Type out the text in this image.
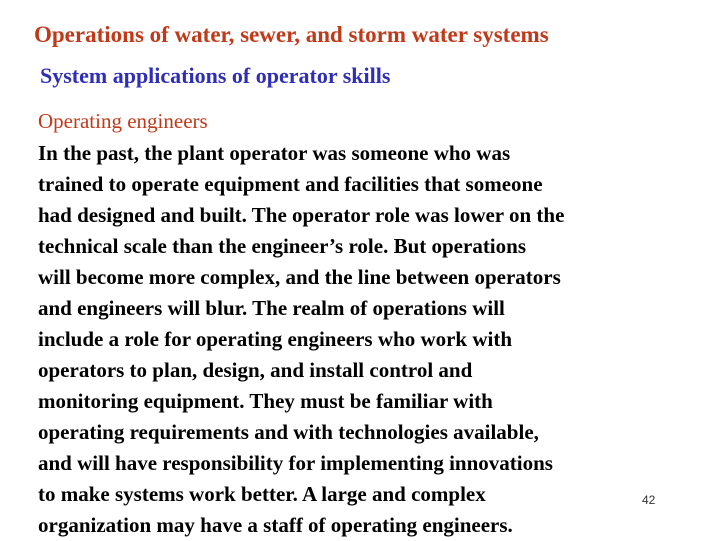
Operations of water, sewer, and storm water systems
System applications of operator skills
Operating engineers
In the past, the plant operator was someone who was
trained to operate equipment and facilities that someone
had designed and built. The operator role was lower on the
technical scale than the engineer’s role. But operations
will become more complex, and the line between operators
and engineers will blur. The realm of operations will
include a role for operating engineers who work with
operators to plan, design, and install control and
monitoring equipment. They must be familiar with
operating requirements and with technologies available,
and will have responsibility for implementing innovations
to make systems work better. A large and complex
organization may have a staff of operating engineers.
42
